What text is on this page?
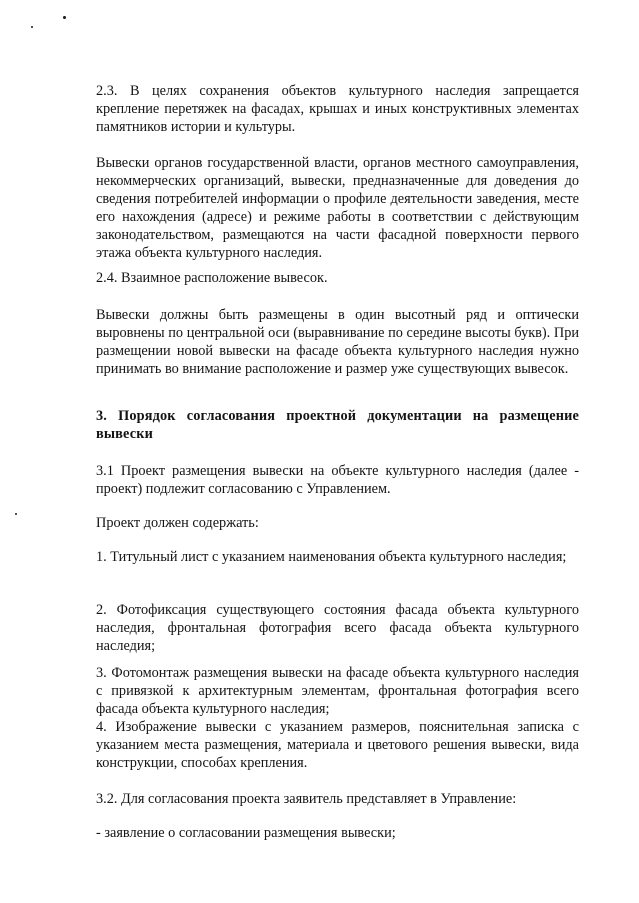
2.3. В целях сохранения объектов культурного наследия запрещается крепление перетяжек на фасадах, крышах и иных конструктивных элементах памятников истории и культуры.

Вывески органов государственной власти, органов местного самоуправления, некоммерческих организаций, вывески, предназначенные для доведения до сведения потребителей информации о профиле деятельности заведения, месте его нахождения (адресе) и режиме работы в соответствии с действующим законодательством, размещаются на части фасадной поверхности первого этажа объекта культурного наследия.

2.4. Взаимное расположение вывесок.

Вывески должны быть размещены в один высотный ряд и оптически выровнены по центральной оси (выравнивание по середине высоты букв). При размещении новой вывески на фасаде объекта культурного наследия нужно принимать во внимание расположение и размер уже существующих вывесок.

3. Порядок согласования проектной документации на размещение вывески

3.1 Проект размещения вывески на объекте культурного наследия (далее - проект) подлежит согласованию с Управлением.

Проект должен содержать:

1. Титульный лист с указанием наименования объекта культурного наследия;

2. Фотофиксация существующего состояния фасада объекта культурного наследия, фронтальная фотография всего фасада объекта культурного наследия;

3. Фотомонтаж размещения вывески на фасаде объекта культурного наследия с привязкой к архитектурным элементам, фронтальная фотография всего фасада объекта культурного наследия;
4. Изображение вывески с указанием размеров, пояснительная записка с указанием места размещения, материала и цветового решения вывески, вида конструкции, способах крепления.

3.2. Для согласования проекта заявитель представляет в Управление:

- заявление о согласовании размещения вывески;
